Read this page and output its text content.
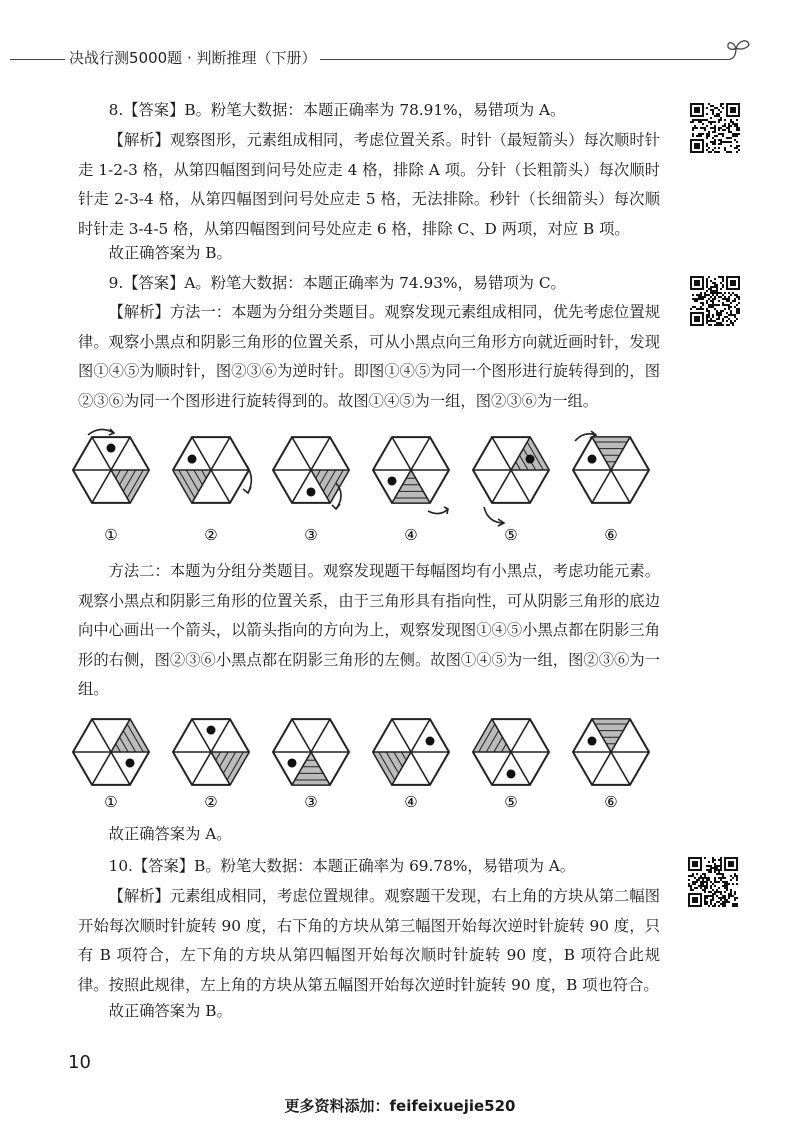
决战行测5000题 · 判断推理（下册）

8.【答案】B。粉笔大数据：本题正确率为 78.91%，易错项为 A。

【解析】观察图形，元素组成相同，考虑位置关系。时针（最短箭头）每次顺时针走 1-2-3 格，从第四幅图到问号处应走 4 格，排除 A 项。分针（长粗箭头）每次顺时针走 2-3-4 格，从第四幅图到问号处应走 5 格，无法排除。秒针（长细箭头）每次顺时针走 3-4-5 格，从第四幅图到问号处应走 6 格，排除 C、D 两项，对应 B 项。

故正确答案为 B。

9.【答案】A。粉笔大数据：本题正确率为 74.93%，易错项为 C。

【解析】方法一：本题为分组分类题目。观察发现元素组成相同，优先考虑位置规律。观察小黑点和阴影三角形的位置关系，可从小黑点向三角形方向就近画时针，发现图①④⑤为顺时针，图②③⑥为逆时针。即图①④⑤为同一个图形进行旋转得到的，图②③⑥为同一个图形进行旋转得到的。故图①④⑤为一组，图②③⑥为一组。

①	②	③	④	⑤	⑥

方法二：本题为分组分类题目。观察发现题干每幅图均有小黑点，考虑功能元素。观察小黑点和阴影三角形的位置关系，由于三角形具有指向性，可从阴影三角形的底边向中心画出一个箭头，以箭头指向的方向为上，观察发现图①④⑤小黑点都在阴影三角形的右侧，图②③⑥小黑点都在阴影三角形的左侧。故图①④⑤为一组，图②③⑥为一组。

①	②	③	④	⑤	⑥

故正确答案为 A。

10.【答案】B。粉笔大数据：本题正确率为 69.78%，易错项为 A。

【解析】元素组成相同，考虑位置规律。观察题干发现，右上角的方块从第二幅图开始每次顺时针旋转 90 度，右下角的方块从第三幅图开始每次逆时针旋转 90 度，只有 B 项符合，左下角的方块从第四幅图开始每次顺时针旋转 90 度，B 项符合此规律。按照此规律，左上角的方块从第五幅图开始每次逆时针旋转 90 度，B 项也符合。

故正确答案为 B。

10
更多资料添加：feifeixuejie520
